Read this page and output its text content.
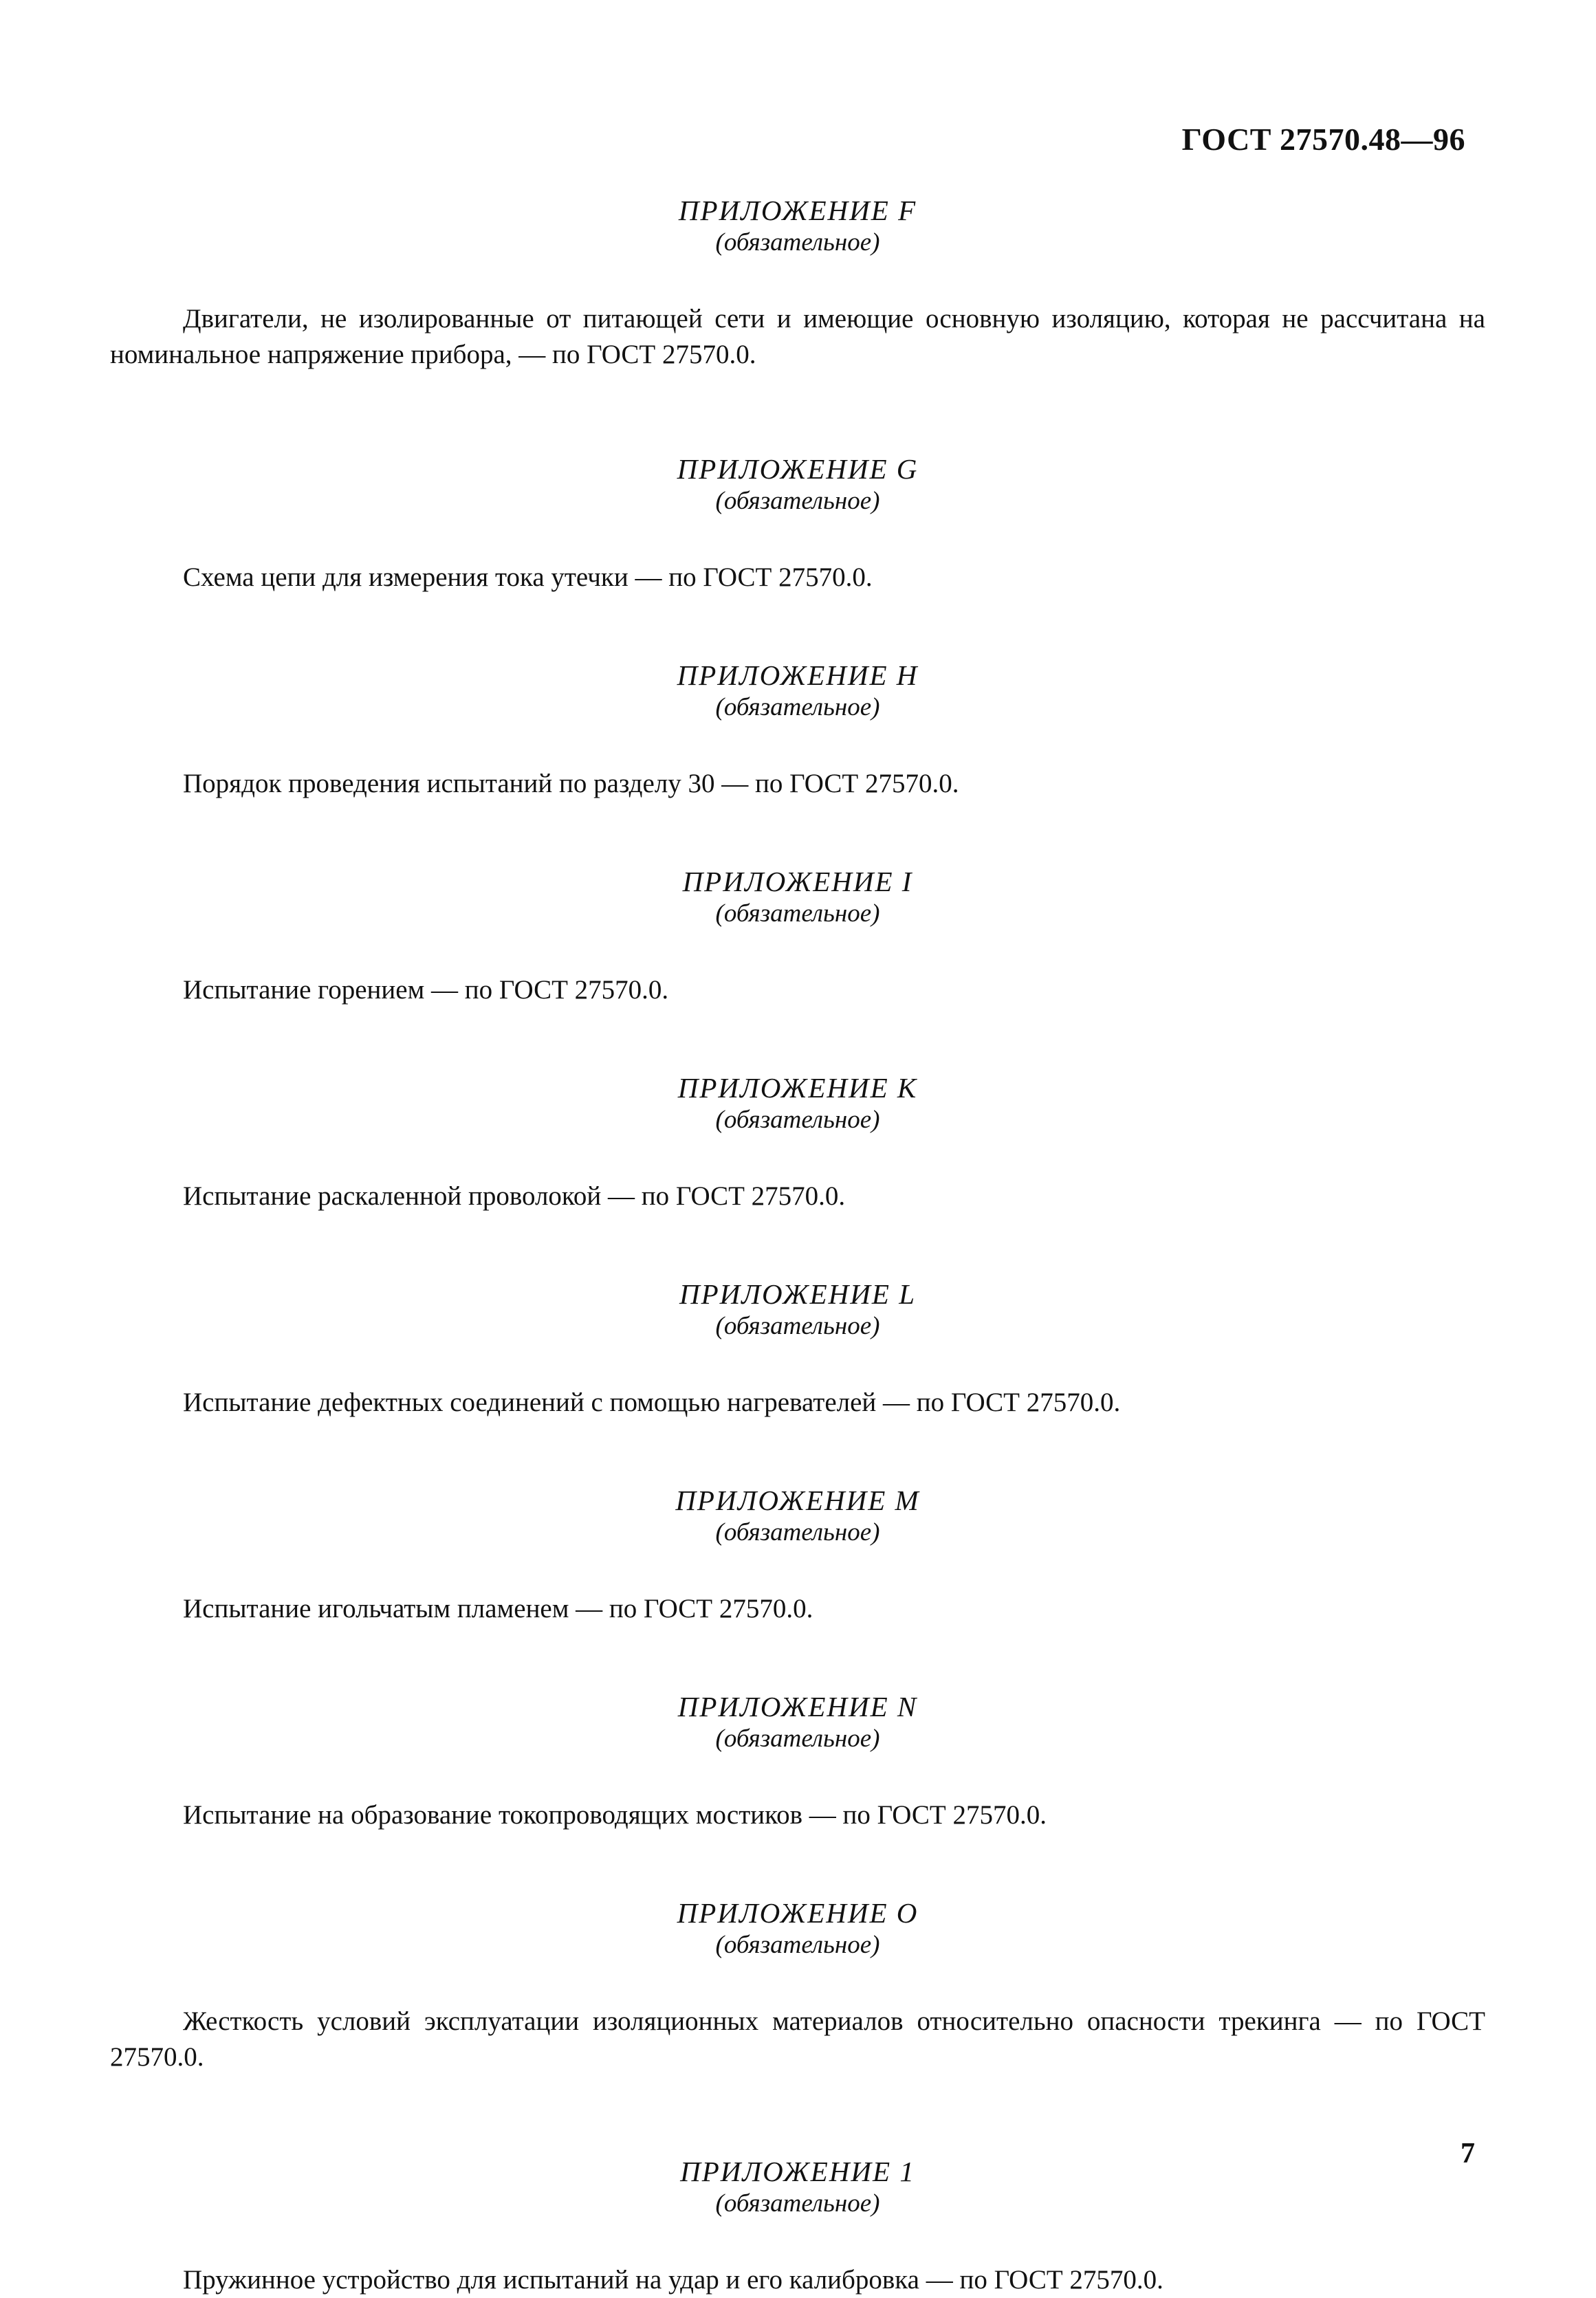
ГОСТ 27570.48—96
ПРИЛОЖЕНИЕ F
(обязательное)

Двигатели, не изолированные от питающей сети и имеющие основную изоляцию, которая не рассчитана на номинальное напряжение прибора, — по ГОСТ 27570.0.

ПРИЛОЖЕНИЕ G
(обязательное)

Схема цепи для измерения тока утечки — по ГОСТ 27570.0.

ПРИЛОЖЕНИЕ H
(обязательное)

Порядок проведения испытаний по разделу 30 — по ГОСТ 27570.0.

ПРИЛОЖЕНИЕ I
(обязательное)

Испытание горением — по ГОСТ 27570.0.

ПРИЛОЖЕНИЕ K
(обязательное)

Испытание раскаленной проволокой — по ГОСТ 27570.0.

ПРИЛОЖЕНИЕ L
(обязательное)

Испытание дефектных соединений с помощью нагревателей — по ГОСТ 27570.0.

ПРИЛОЖЕНИЕ M
(обязательное)

Испытание игольчатым пламенем — по ГОСТ 27570.0.

ПРИЛОЖЕНИЕ N
(обязательное)

Испытание на образование токопроводящих мостиков — по ГОСТ 27570.0.

ПРИЛОЖЕНИЕ O
(обязательное)

Жесткость условий эксплуатации изоляционных материалов относительно опасности трекинга — по ГОСТ 27570.0.

ПРИЛОЖЕНИЕ 1
(обязательное)

Пружинное устройство для испытаний на удар и его калибровка — по ГОСТ 27570.0.

7
